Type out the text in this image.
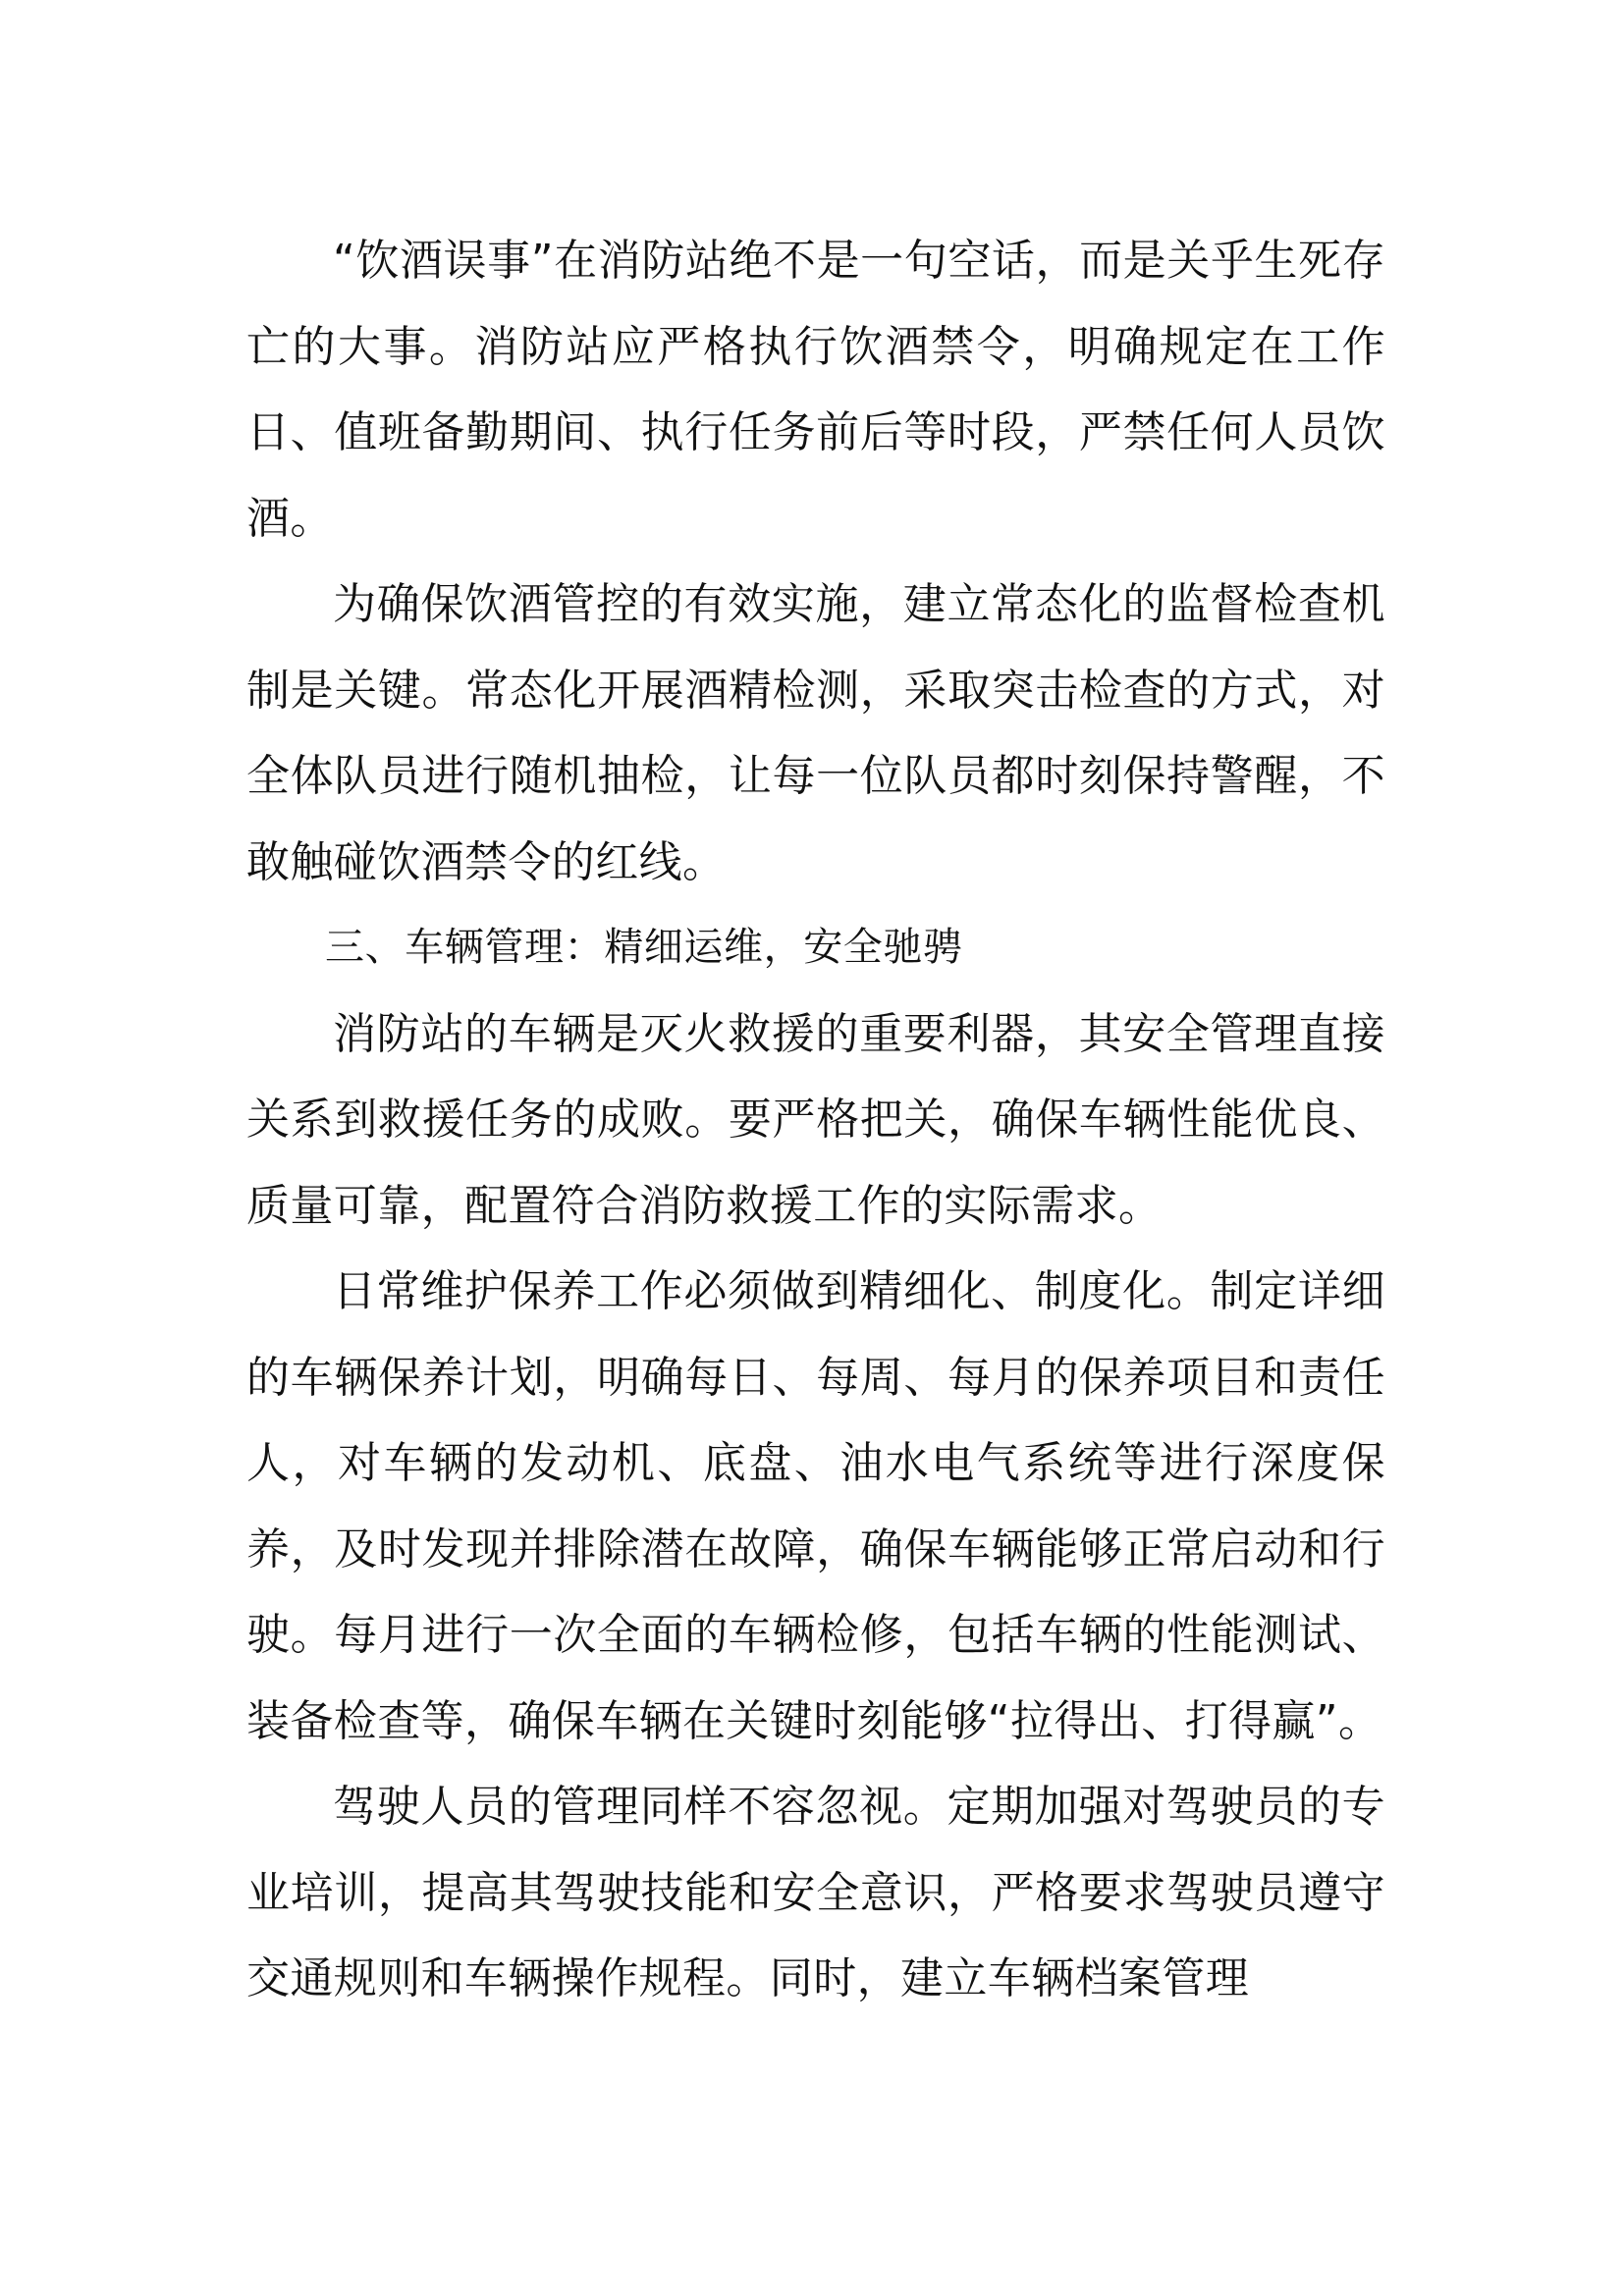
“饮酒误事”在消防站绝不是一句空话，而是关乎生死存亡的大事。消防站应严格执行饮酒禁令，明确规定在工作日、值班备勤期间、执行任务前后等时段，严禁任何人员饮酒。

为确保饮酒管控的有效实施，建立常态化的监督检查机制是关键。常态化开展酒精检测，采取突击检查的方式，对全体队员进行随机抽检，让每一位队员都时刻保持警醒，不敢触碰饮酒禁令的红线。

三、车辆管理：精细运维，安全驰骋

消防站的车辆是灭火救援的重要利器，其安全管理直接关系到救援任务的成败。要严格把关，确保车辆性能优良、质量可靠，配置符合消防救援工作的实际需求。

日常维护保养工作必须做到精细化、制度化。制定详细的车辆保养计划，明确每日、每周、每月的保养项目和责任人，对车辆的发动机、底盘、油水电气系统等进行深度保养，及时发现并排除潜在故障，确保车辆能够正常启动和行驶。每月进行一次全面的车辆检修，包括车辆的性能测试、装备检查等，确保车辆在关键时刻能够“拉得出、打得赢”。

驾驶人员的管理同样不容忽视。定期加强对驾驶员的专业培训，提高其驾驶技能和安全意识，严格要求驾驶员遵守交通规则和车辆操作规程。同时，建立车辆档案管理
